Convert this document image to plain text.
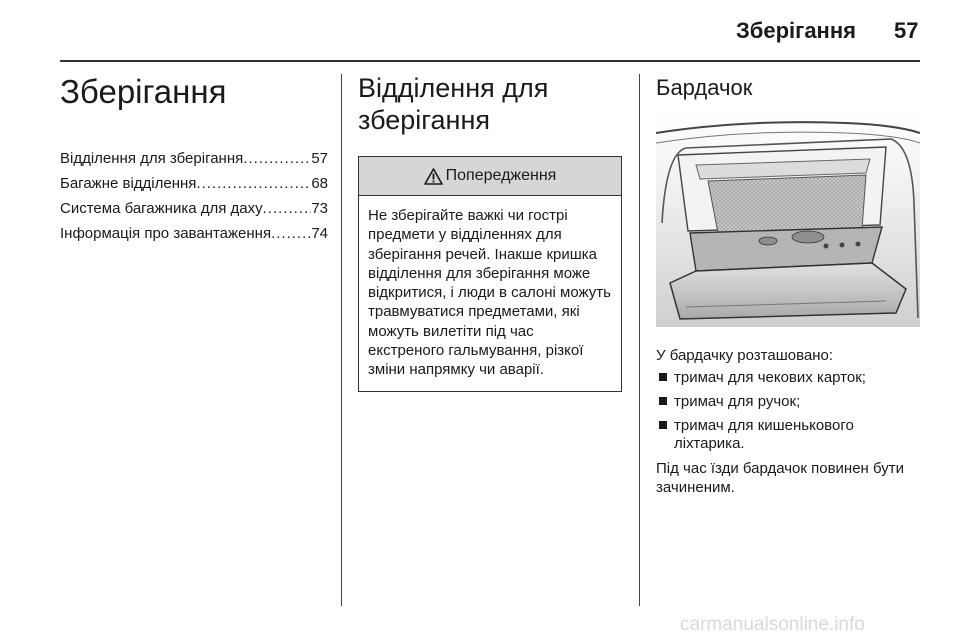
Зберігання 57
Зберігання
Відділення для зберігання .....	57
Багажне відділення .....	68
Система багажника для даху .....	73
Інформація про завантаження .....	74
Відділення для
зберігання
Попередження
Не зберігайте важкі чи гострі предмети у відділеннях для зберігання речей. Інакше кришка відділення для зберігання може відкритися, і люди в салоні можуть травмуватися предметами, які можуть вилетіти під час екстреного гальмування, різкої зміни напрямку чи аварії.
Бардачок
У бардачку розташовано:
тримач для чекових карток;
тримач для ручок;
тримач для кишенькового ліхтарика.
Під час їзди бардачок повинен бути зачиненим.
carmanualsonline.info
